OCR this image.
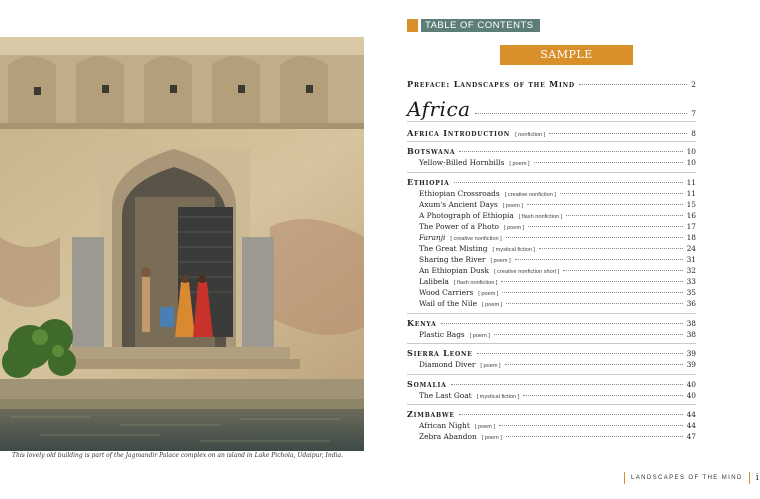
This lovely old building is part of the Jagmandir Palace complex on an island in Lake Pichola, Udaipur, India.
TABLE OF CONTENTS
SAMPLE
Preface: Landscapes of the Mind	2
Africa	7
Africa Introduction [ nonfiction ]	8
Botswana	10
Yellow-Billed Hornbills [ poem ]	10
Ethiopia	11
Ethiopian Crossroads [ creative nonfiction ]	11
Axum's Ancient Days [ poem ]	15
A Photograph of Ethiopia [ flash nonfiction ]	16
The Power of a Photo [ poem ]	17
Faranji [ creative nonfiction ]	18
The Great Misting [ mystical fiction ]	24
Sharing the River [ poem ]	31
An Ethiopian Dusk [ creative nonfiction short ]	32
Lalibela [ flash nonfiction ]	33
Wood Carriers [ poem ]	35
Wail of the Nile [ poem ]	36
Kenya	38
Plastic Bags [ poem ]	38
Sierra Leone	39
Diamond Diver [ poem ]	39
Somalia	40
The Last Goat [ mystical fiction ]	40
Zimbabwe	44
African Night [ poem ]	44
Zebra Abandon [ poem ]	47
LANDSCAPES OF THE MIND i
